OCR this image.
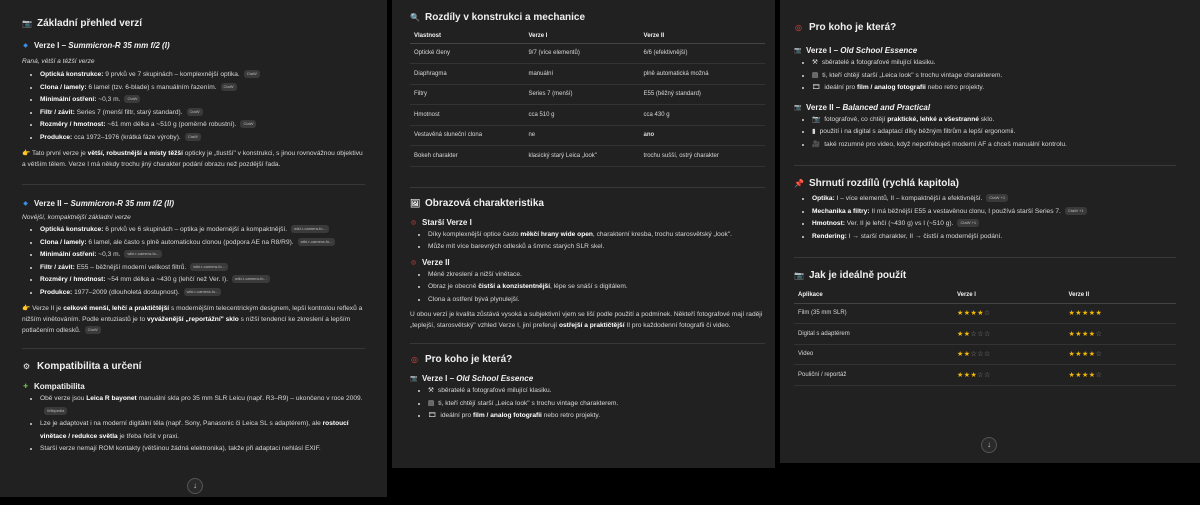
📷 Základní přehled verzí
◆ Verze I – Summicron-R 35 mm f/2 (I)

Raná, větší a těžší verze

• Optická konstrukce: 9 prvků ve 7 skupinách – komplexnější optika. CtaW
• Clona / lamely: 6 lamel (tzv. 6-blade) s manuálním řazením. CtaW
• Minimální ostření: ~0,3 m. CtaW
• Filtr / závit: Series 7 (menší filtr, starý standard). CtaW
• Rozměry / hmotnost: ~61 mm délka a ~510 g (poměrně robustní). CtaW
• Produkce: cca 1972–1976 (krátká fáze výroby). CtaW

👉 Tato první verze je větší, robustnější a místy těžší opticky je „tlustší" v konstrukci, s jinou rovnovážnou objektivu a větším tělem. Verze I má někdy trochu jiný charakter podání obrazu než pozdější řada.

◆ Verze II – Summicron-R 35 mm f/2 (II)

Novější, kompaktnější základní verze

• Optická konstrukce: 6 prvků ve 6 skupinách – optika je modernější a kompaktnější. wiki.r-camera-fo...
• Clona / lamely: 6 lamel, ale často s plně automatickou clonou (podpora AE na R8/R9). wiki.r-camera-fo...
• Minimální ostření: ~0,3 m. wiki.r-camera-fo...
• Filtr / závit: E55 – běžnější moderní velikost filtrů. wiki.r-camera-fo...
• Rozměry / hmotnost: ~54 mm délka a ~430 g (lehčí než Ver. I). wiki.r-camera-fo...
• Produkce: 1977–2009 (dlouholetá dostupnost). wiki.r-camera-fo...

👉 Verze II je celkově menší, lehčí a praktičtější s modernějším telecentrickým designem, lepší kontrolou reflexů a nižším vinětováním. Podle entuziastů je to vyváženější „reportážní" sklo s nižší tendencí ke zkreslení a lepším potlačením odlesků. CtaW

⚙ Kompatibilita a určení
✚ Kompatibilita
• Obě verze jsou Leica R bayonet manuální skla pro 35 mm SLR Leicu (např. R3–R9) – ukončeno v roce 2009.Wikipedia
• Lze je adaptovat i na moderní digitální těla (např. Sony, Panasonic či Leica SL s adaptérem), ale rostoucí vinětace / redukce světla je třeba řešit v praxi.
• Starší verze nemají ROM kontakty (většinou žádná elektronika), takže při adaptaci nehlásí EXIF.
↓
🔍 Rozdíly v konstrukci a mechanice
Vlastnost	Verze I	Verze II
Optické členy	9/7 (více elementů)	6/6 (efektivnější)
Diaphragma	manuální	plně automatická možná
Filtry	Series 7 (menší)	E55 (běžný standard)
Hmotnost	cca 510 g	cca 430 g
Vestavěná sluneční clona	ne	ano
Bokeh charakter	klasický starý Leica „look"	trochu sušší, ostrý charakter
🖼 Obrazová charakteristika
◎ Starší Verze I
• Díky komplexnější optice často měkčí hrany wide open, charakterní kresba, trochu starosvětský „look".
• Může mít více barevných odlesků a šmrnc starých SLR skel.
◎ Verze II
• Méně zkreslení a nižší vinětace.
• Obraz je obecně čistší a konzistentnější, lépe se snáší s digitálem.
• Clona a ostření bývá plynulejší.

U obou verzí je kvalita zůstává vysoká a subjektivní vjem se liší podle použití a podmínek. Někteří fotografové mají raději „teplejší, starosvětský" vzhled Verze I, jiní preferují ostřejší a praktičtější II pro každodenní fotografii či video.

◎ Pro koho je která?
📷 Verze I – Old School Essence
• ⚒ sběratelé a fotografové milující klasiku.
• ▤ ti, kteří chtějí starší „Leica look" s trochu vintage charakterem.
• 🎞 ideální pro film / analog fotografii nebo retro projekty.
◎ Pro koho je která?
📷 Verze I – Old School Essence
• ⚒ sběratelé a fotografové milující klasiku.
• ▤ ti, kteří chtějí starší „Leica look" s trochu vintage charakterem.
• 🎞 ideální pro film / analog fotografii nebo retro projekty.
📷 Verze II – Balanced and Practical
• 📷 fotografové, co chtějí praktické, lehké a všestranné sklo.
• ▮ použití i na digital s adaptací díky běžným filtrům a lepší ergonomii.
• 🎥 také rozumné pro video, když nepotřebuješ moderní AF a chceš manuální kontrolu.
📌 Shrnutí rozdílů (rychlá kapitola)
• Optika: I – více elementů, II – kompaktnější a efektivnější. CtaW +1
• Mechanika a filtry: II má běžnější E55 a vestavěnou clonu, I používá starší Series 7. CtaW +1
• Hmotnost: Ver. II je lehčí (~430 g) vs I (~510 g). CtaW +1
• Rendering: I → starší charakter, II → čistší a modernější podání.
📷 Jak je ideálně použít
Aplikace	Verze I	Verze II
Film (35 mm SLR)	★★★★☆	★★★★★
Digital s adaptérem	★★☆☆☆	★★★★☆
Video	★★☆☆☆	★★★★☆
Pouliční / reportáž	★★★☆☆	★★★★☆
↓
